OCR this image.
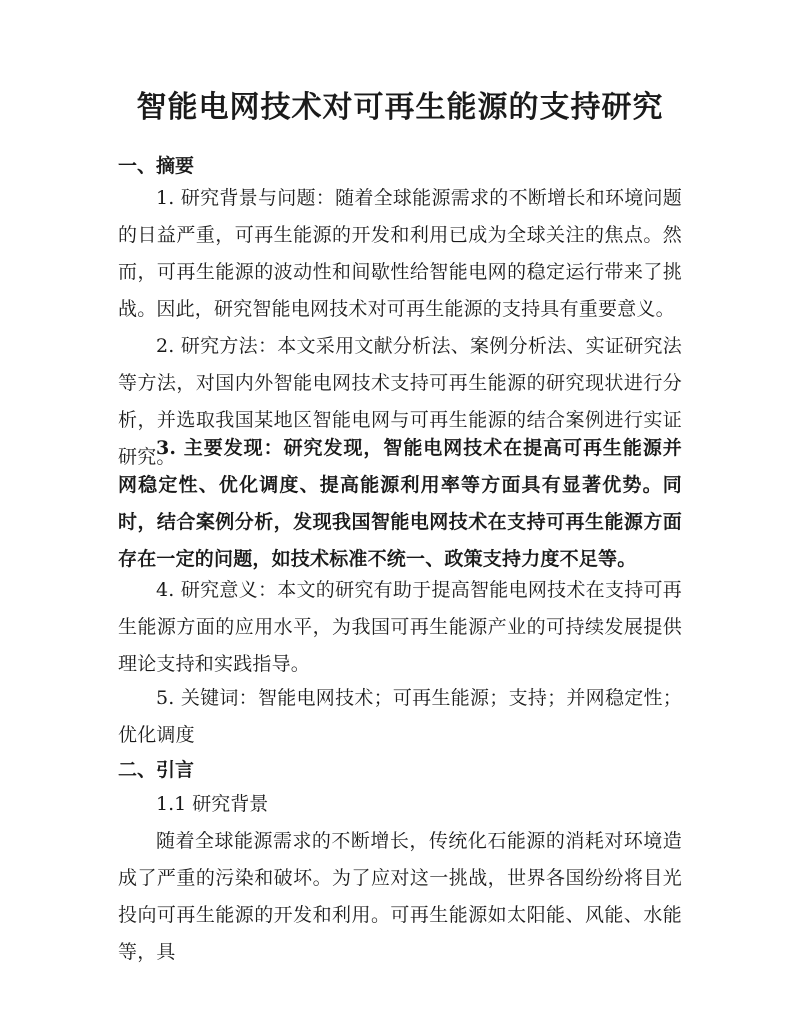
智能电网技术对可再生能源的支持研究
一、摘要
1. 研究背景与问题：随着全球能源需求的不断增长和环境问题的日益严重，可再生能源的开发和利用已成为全球关注的焦点。然而，可再生能源的波动性和间歇性给智能电网的稳定运行带来了挑战。因此，研究智能电网技术对可再生能源的支持具有重要意义。
2. 研究方法：本文采用文献分析法、案例分析法、实证研究法等方法，对国内外智能电网技术支持可再生能源的研究现状进行分析，并选取我国某地区智能电网与可再生能源的结合案例进行实证研究。
3. 主要发现：研究发现，智能电网技术在提高可再生能源并网稳定性、优化调度、提高能源利用率等方面具有显著优势。同时，结合案例分析，发现我国智能电网技术在支持可再生能源方面存在一定的问题，如技术标准不统一、政策支持力度不足等。
4. 研究意义：本文的研究有助于提高智能电网技术在支持可再生能源方面的应用水平，为我国可再生能源产业的可持续发展提供理论支持和实践指导。
5. 关键词：智能电网技术；可再生能源；支持；并网稳定性；优化调度
二、引言
1.1 研究背景
随着全球能源需求的不断增长，传统化石能源的消耗对环境造成了严重的污染和破坏。为了应对这一挑战，世界各国纷纷将目光投向可再生能源的开发和利用。可再生能源如太阳能、风能、水能等，具
